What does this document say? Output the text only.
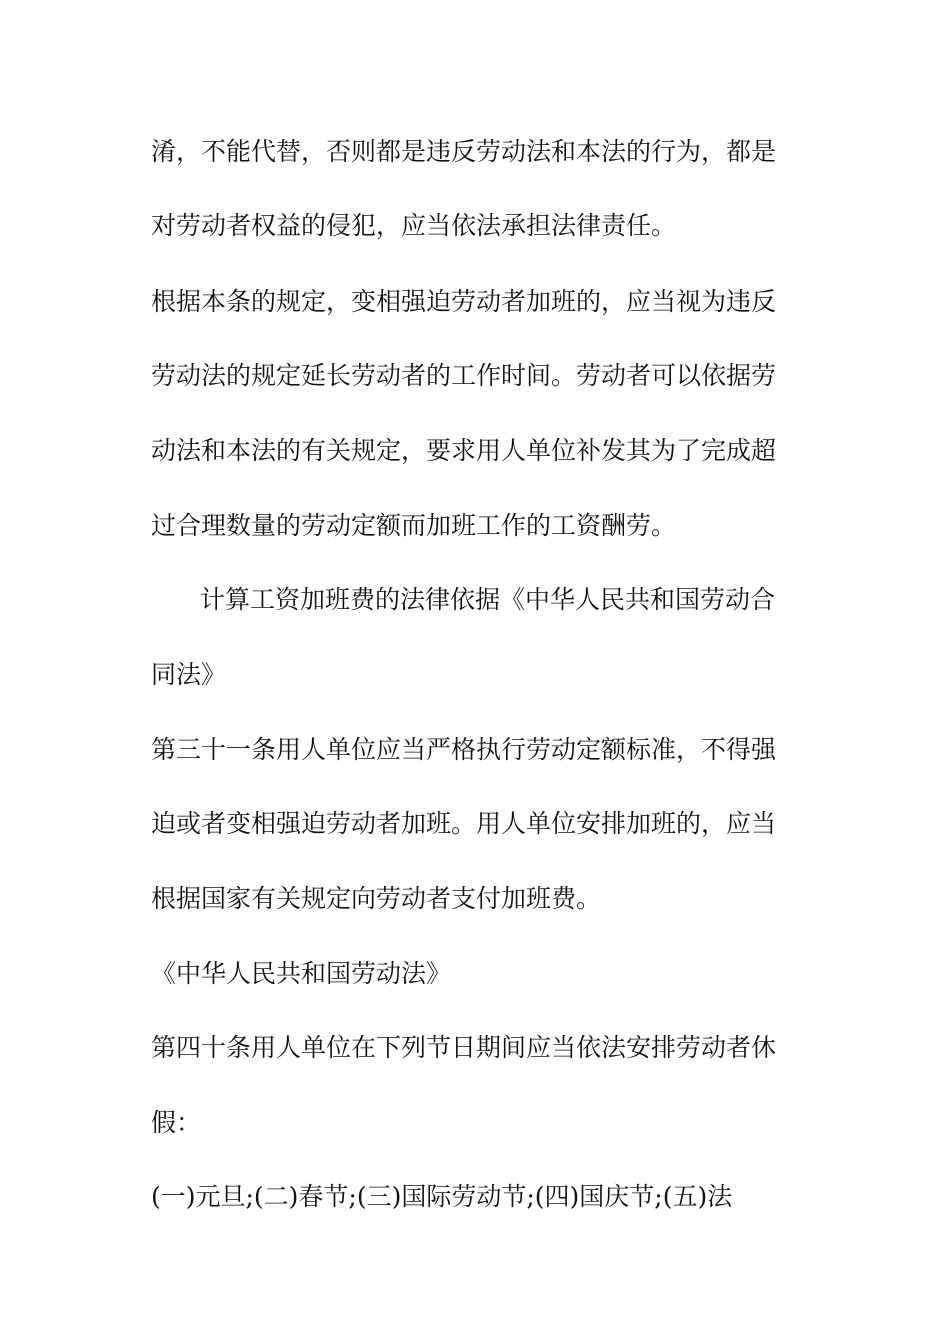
淆，不能代替，否则都是违反劳动法和本法的行为，都是
对劳动者权益的侵犯，应当依法承担法律责任。
根据本条的规定，变相强迫劳动者加班的，应当视为违反
劳动法的规定延长劳动者的工作时间。劳动者可以依据劳
动法和本法的有关规定，要求用人单位补发其为了完成超
过合理数量的劳动定额而加班工作的工资酬劳。
计算工资加班费的法律依据《中华人民共和国劳动合
同法》
第三十一条用人单位应当严格执行劳动定额标准，不得强
迫或者变相强迫劳动者加班。用人单位安排加班的，应当
根据国家有关规定向劳动者支付加班费。
《中华人民共和国劳动法》
第四十条用人单位在下列节日期间应当依法安排劳动者休
假：
(一)元旦;(二)春节;(三)国际劳动节;(四)国庆节;(五)法
